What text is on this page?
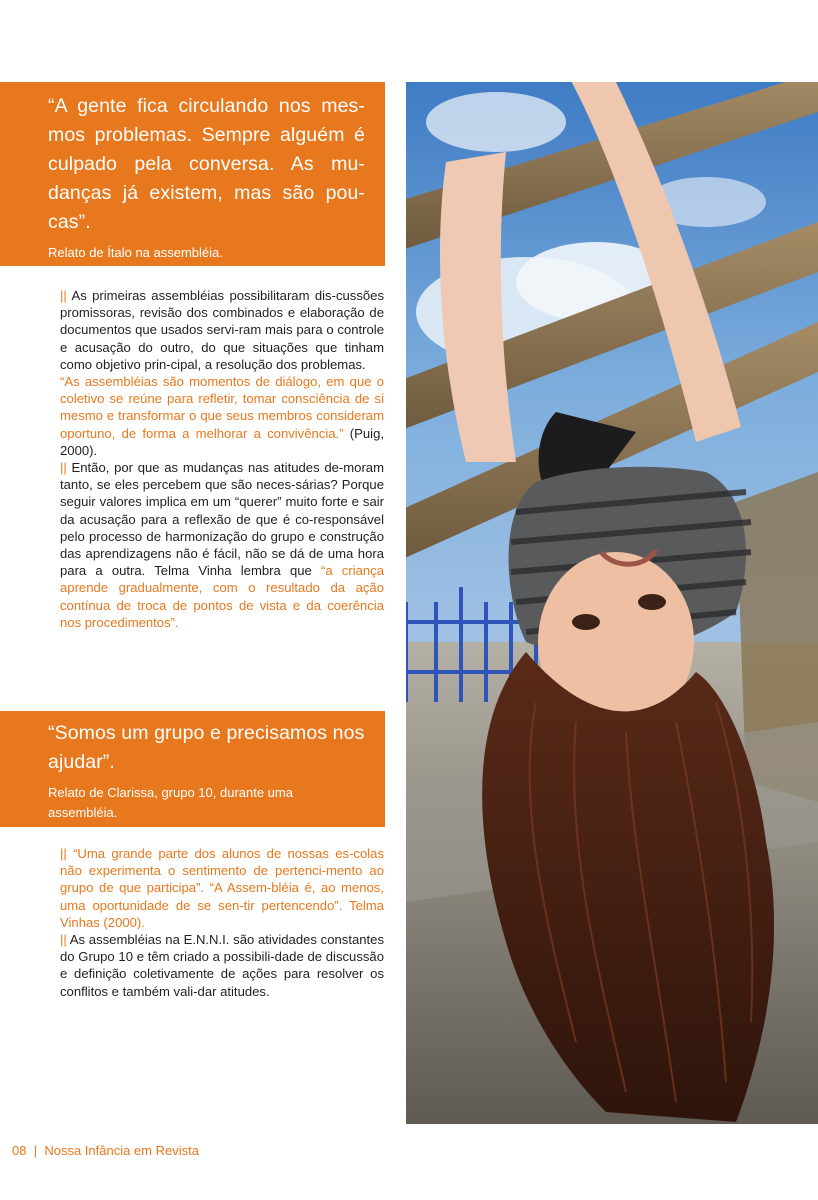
“A gente fica circulando nos mes-mos problemas. Sempre alguém é culpado pela conversa. As mu-danças já existem, mas são pou-cas”.
Relato de Ítalo na assembléia.

|| As primeiras assembléias possibilitaram dis-cussões promissoras, revisão dos combinados e elaboração de documentos que usados servi-ram mais para o controle e acusação do outro, do que situações que tinham como objetivo prin-cipal, a resolução dos problemas.

“As assembléias são momentos de diálogo, em que o coletivo se reúne para refletir, tomar consciência de si mesmo e transformar o que seus membros consideram oportuno, de forma a melhorar a convivência.” (Puig, 2000).

|| Então, por que as mudanças nas atitudes de-moram tanto, se eles percebem que são neces-sárias? Porque seguir valores implica em um “querer” muito forte e sair da acusação para a reflexão de que é co-responsável pelo processo de harmonização do grupo e construção das aprendizagens não é fácil, não se dá de uma hora para a outra. Telma Vinha lembra que “a criança aprende gradualmente, com o resultado da ação contínua de troca de pontos de vista e da coerência nos procedimentos”.

“Somos um grupo e precisamos nos ajudar”.
Relato de Clarissa, grupo 10, durante uma assembléia.

|| “Uma grande parte dos alunos de nossas es-colas não experimenta o sentimento de pertenci-mento ao grupo de que participa”. “A Assem-bléia é, ao menos, uma oportunidade de se sen-tir pertencendo”. Telma Vinhas (2000).

|| As assembléias na E.N.N.I. são atividades constantes do Grupo 10 e têm criado a possibili-dade de discussão e definição coletivamente de ações para resolver os conflitos e também vali-dar atitudes.

08 | Nossa Infância em Revista
